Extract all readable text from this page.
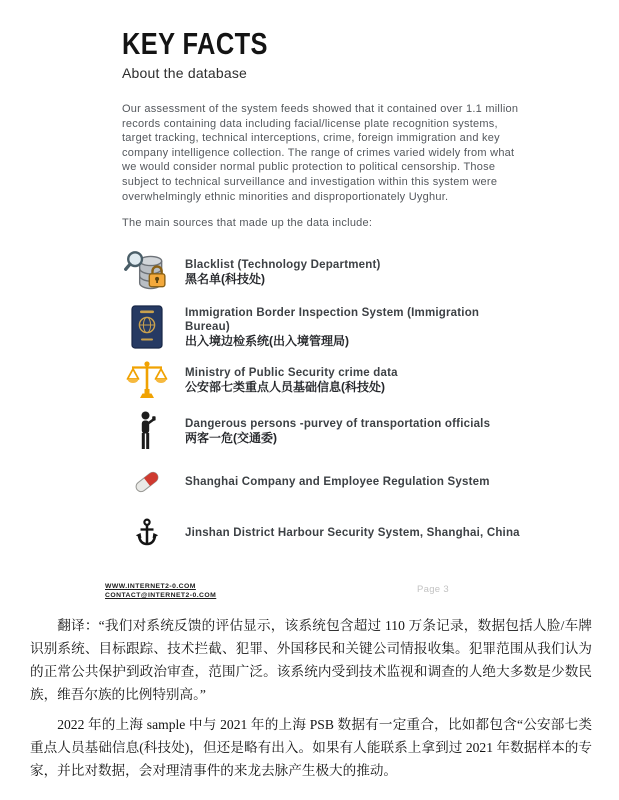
KEY FACTS
About the database

Our assessment of the system feeds showed that it contained over 1.1 million records containing data including facial/license plate recognition systems, target tracking, technical interceptions, crime, foreign immigration and key company intelligence collection. The range of crimes varied widely from what we would consider normal public protection to political censorship. Those subject to technical surveillance and investigation within this system were overwhelmingly ethnic minorities and disproportionately Uyghur.

The main sources that made up the data include:

Blacklist (Technology Department)
黑名单(科技处)
Immigration Border Inspection System (Immigration Bureau)
出入境边检系统(出入境管理局)
Ministry of Public Security crime data
公安部七类重点人员基础信息(科技处)
Dangerous persons -purvey of transportation officials
两客一危(交通委)
Shanghai Company and Employee Regulation System
Jinshan District Harbour Security System, Shanghai, China
WWW.INTERNET2-0.COM
CONTACT@INTERNET2-0.COM
Page 3

翻译：“我们对系统反馈的评估显示，该系统包含超过 110 万条记录，数据包括人脸/车牌识别系统、目标跟踪、技术拦截、犯罪、外国移民和关键公司情报收集。犯罪范围从我们认为的正常公共保护到政治审查，范围广泛。该系统内受到技术监视和调查的人绝大多数是少数民族，维吾尔族的比例特别高。”

2022 年的上海 sample 中与 2021 年的上海 PSB 数据有一定重合，比如都包含“公安部七类重点人员基础信息(科技处)，但还是略有出入。如果有人能联系上拿到过 2021 年数据样本的专家，并比对数据，会对理清事件的来龙去脉产生极大的推动。
